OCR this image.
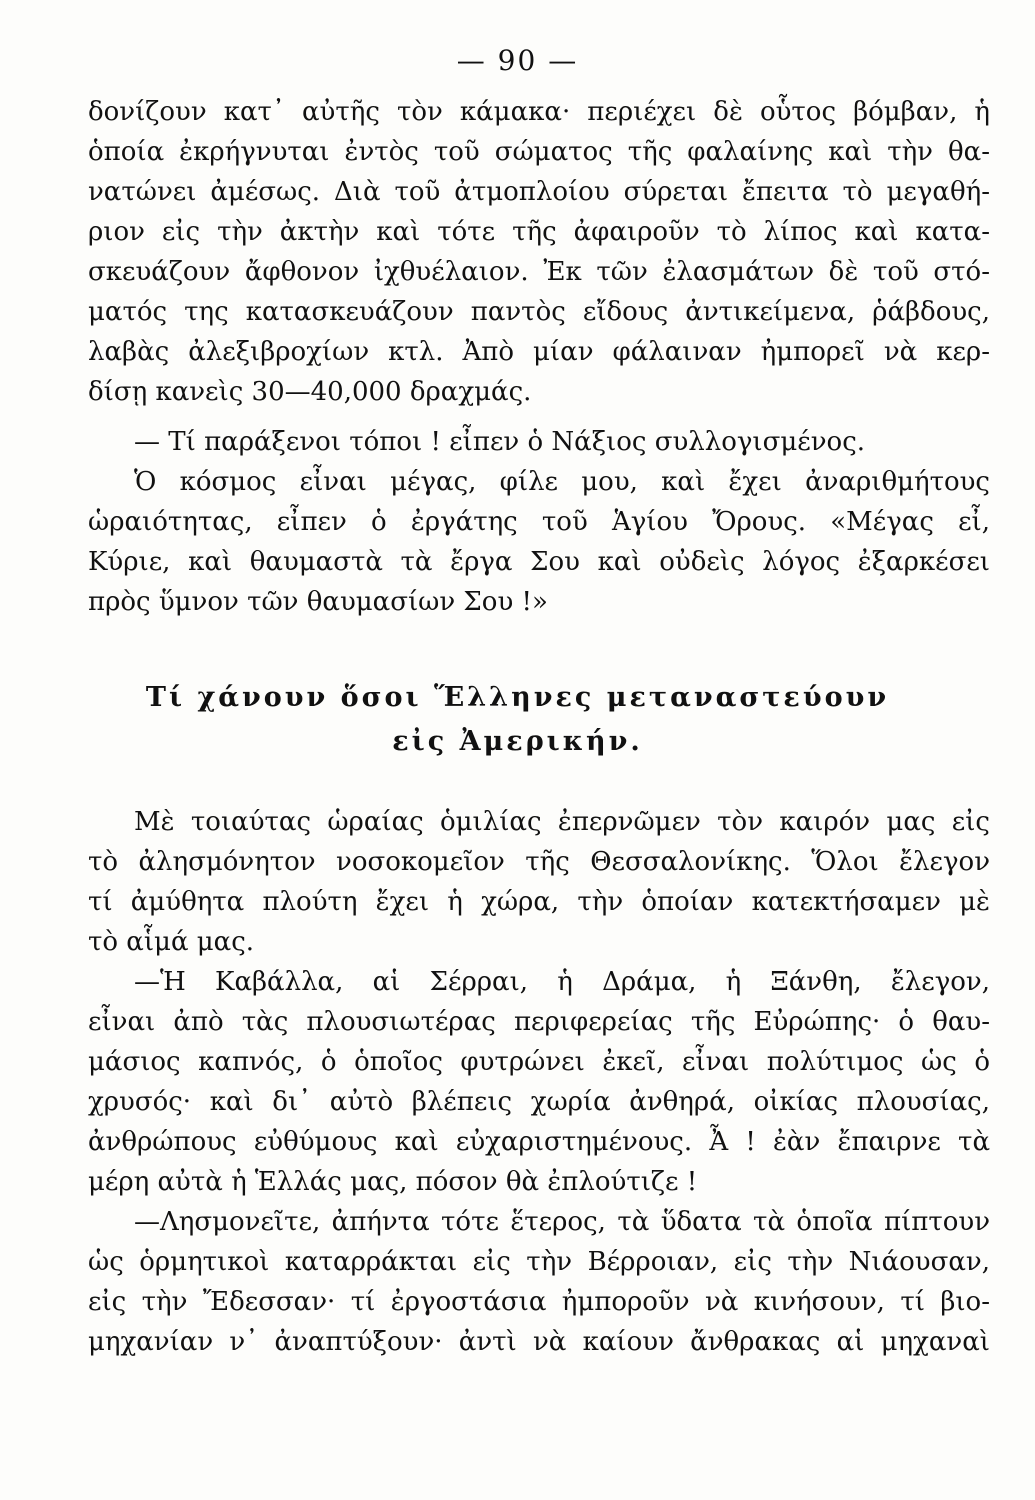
— 90 —
δονίζουν κατ᾽ αὐτῆς τὸν κάμακα· περιέχει δὲ οὗτος βόμβαν, ἡ
ὁποία ἐκρήγνυται ἐντὸς τοῦ σώματος τῆς φαλαίνης καὶ τὴν θα-
νατώνει ἀμέσως. Διὰ τοῦ ἀτμοπλοίου σύρεται ἔπειτα τὸ μεγαθή-
ριον εἰς τὴν ἀκτὴν καὶ τότε τῆς ἀφαιροῦν τὸ λίπος καὶ κατα-
σκευάζουν ἄφθονον ἰχθυέλαιον. Ἐκ τῶν ἐλασμάτων δὲ τοῦ στό-
ματός της κατασκευάζουν παντὸς εἴδους ἀντικείμενα, ῥάβδους,
λαβὰς ἀλεξιβροχίων κτλ. Ἀπὸ μίαν φάλαιναν ἠμπορεῖ νὰ κερ-
δίσῃ κανεὶς 30—40,000 δραχμάς.
— Τί παράξενοι τόποι ! εἶπεν ὁ Νάξιος συλλογισμένος.
Ὁ κόσμος εἶναι μέγας, φίλε μου, καὶ ἔχει ἀναριθμήτους
ὡραιότητας, εἶπεν ὁ ἐργάτης τοῦ Ἁγίου Ὄρους. «Μέγας εἶ,
Κύριε, καὶ θαυμαστὰ τὰ ἔργα Σου καὶ οὐδεὶς λόγος ἐξαρκέσει
πρὸς ὕμνον τῶν θαυμασίων Σου !»
Τί χάνουν ὅσοι Ἕλληνες μεταναστεύουν
εἰς Ἀμερικήν.
Μὲ τοιαύτας ὡραίας ὁμιλίας ἐπερνῶμεν τὸν καιρόν μας εἰς
τὸ ἀλησμόνητον νοσοκομεῖον τῆς Θεσσαλονίκης. Ὅλοι ἔλεγον
τί ἀμύθητα πλούτη ἔχει ἡ χώρα, τὴν ὁποίαν κατεκτήσαμεν μὲ
τὸ αἷμά μας.
—Ἡ Καβάλλα, αἱ Σέρραι, ἡ Δράμα, ἡ Ξάνθη, ἔλεγον,
εἶναι ἀπὸ τὰς πλουσιωτέρας περιφερείας τῆς Εὐρώπης· ὁ θαυ-
μάσιος καπνός, ὁ ὁποῖος φυτρώνει ἐκεῖ, εἶναι πολύτιμος ὡς ὁ
χρυσός· καὶ δι᾽ αὐτὸ βλέπεις χωρία ἀνθηρά, οἰκίας πλουσίας,
ἀνθρώπους εὐθύμους καὶ εὐχαριστημένους. Ἆ ! ἐὰν ἔπαιρνε τὰ
μέρη αὐτὰ ἡ Ἑλλάς μας, πόσον θὰ ἐπλούτιζε !
—Λησμονεῖτε, ἀπήντα τότε ἕτερος, τὰ ὕδατα τὰ ὁποῖα πίπτουν
ὡς ὁρμητικοὶ καταρράκται εἰς τὴν Βέρροιαν, εἰς τὴν Νιάουσαν,
εἰς τὴν Ἔδεσσαν· τί ἐργοστάσια ἠμποροῦν νὰ κινήσουν, τί βιο-
μηχανίαν ν᾽ ἀναπτύξουν· ἀντὶ νὰ καίουν ἄνθρακας αἱ μηχαναὶ
